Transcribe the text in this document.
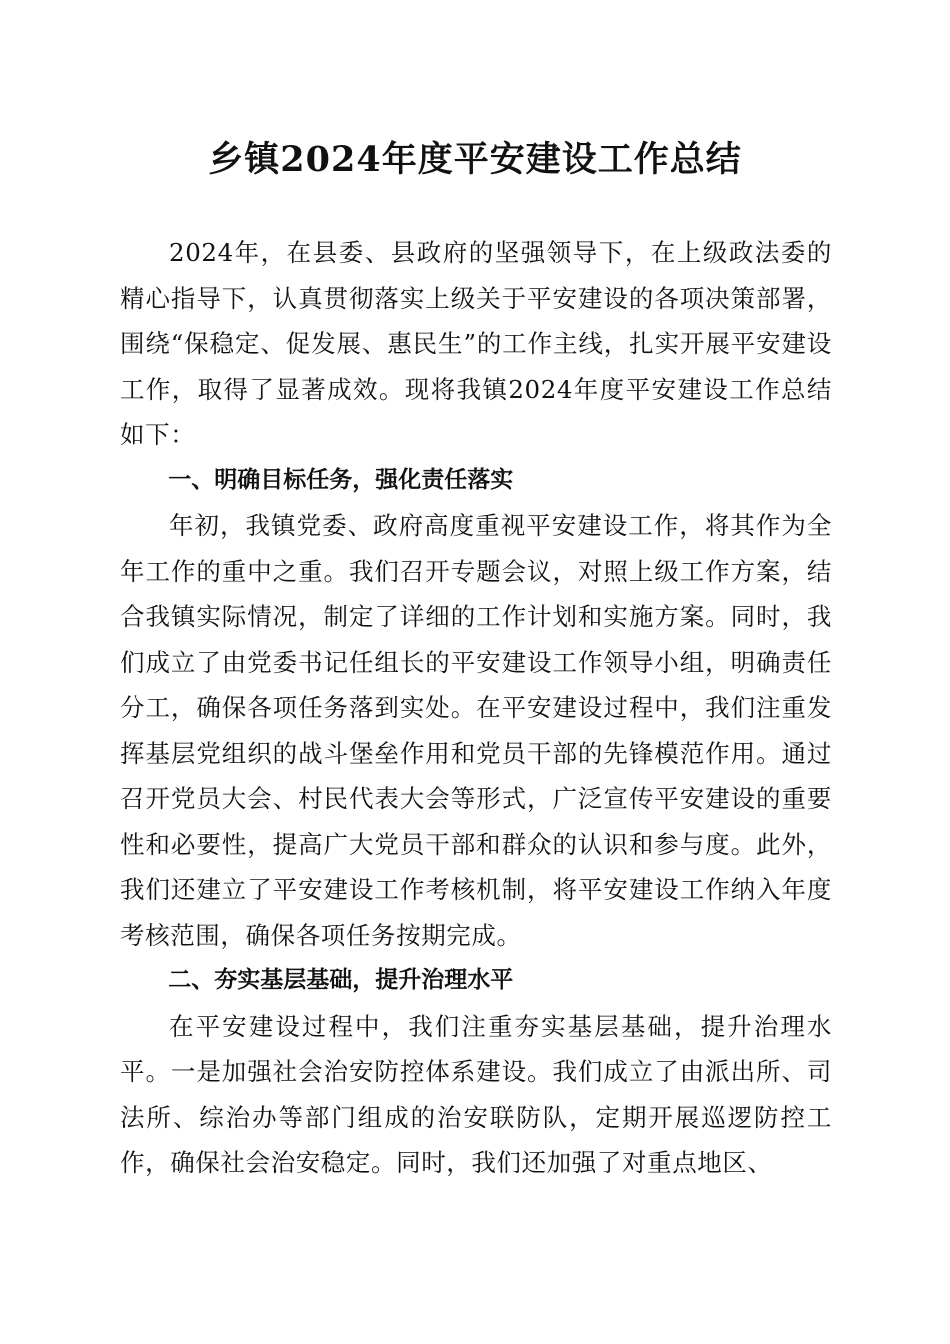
乡镇2024年度平安建设工作总结

2024年，在县委、县政府的坚强领导下，在上级政法委的精心指导下，认真贯彻落实上级关于平安建设的各项决策部署，围绕“保稳定、促发展、惠民生”的工作主线，扎实开展平安建设工作，取得了显著成效。现将我镇2024年度平安建设工作总结如下：

一、明确目标任务，强化责任落实

年初，我镇党委、政府高度重视平安建设工作，将其作为全年工作的重中之重。我们召开专题会议，对照上级工作方案，结合我镇实际情况，制定了详细的工作计划和实施方案。同时，我们成立了由党委书记任组长的平安建设工作领导小组，明确责任分工，确保各项任务落到实处。在平安建设过程中，我们注重发挥基层党组织的战斗堡垒作用和党员干部的先锋模范作用。通过召开党员大会、村民代表大会等形式，广泛宣传平安建设的重要性和必要性，提高广大党员干部和群众的认识和参与度。此外，我们还建立了平安建设工作考核机制，将平安建设工作纳入年度考核范围，确保各项任务按期完成。

二、夯实基层基础，提升治理水平

在平安建设过程中，我们注重夯实基层基础，提升治理水平。一是加强社会治安防控体系建设。我们成立了由派出所、司法所、综治办等部门组成的治安联防队，定期开展巡逻防控工作，确保社会治安稳定。同时，我们还加强了对重点地区、
